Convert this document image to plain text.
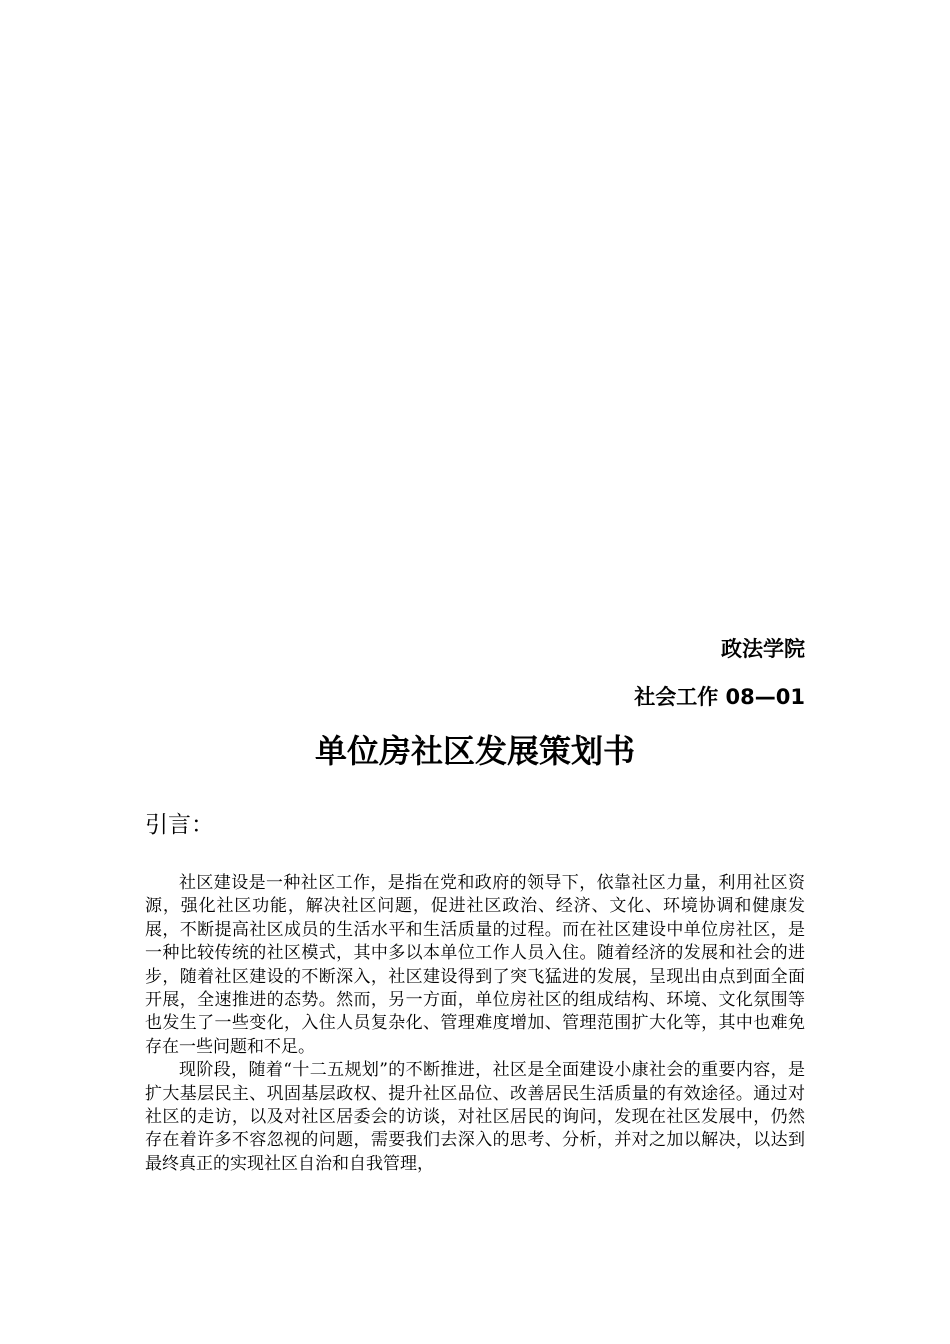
政法学院
社会工作 08—01
单位房社区发展策划书
引言：

社区建设是一种社区工作，是指在党和政府的领导下，依靠社区力量，利用社区资源，强化社区功能，解决社区问题，促进社区政治、经济、文化、环境协调和健康发展，不断提高社区成员的生活水平和生活质量的过程。而在社区建设中单位房社区，是一种比较传统的社区模式，其中多以本单位工作人员入住。随着经济的发展和社会的进步，随着社区建设的不断深入，社区建设得到了突飞猛进的发展，呈现出由点到面全面开展，全速推进的态势。然而，另一方面，单位房社区的组成结构、环境、文化氛围等也发生了一些变化，入住人员复杂化、管理难度增加、管理范围扩大化等，其中也难免存在一些问题和不足。

现阶段，随着“十二五规划”的不断推进，社区是全面建设小康社会的重要内容，是扩大基层民主、巩固基层政权、提升社区品位、改善居民生活质量的有效途径。通过对社区的走访，以及对社区居委会的访谈，对社区居民的询问，发现在社区发展中，仍然存在着许多不容忽视的问题，需要我们去深入的思考、分析，并对之加以解决，以达到最终真正的实现社区自治和自我管理，
